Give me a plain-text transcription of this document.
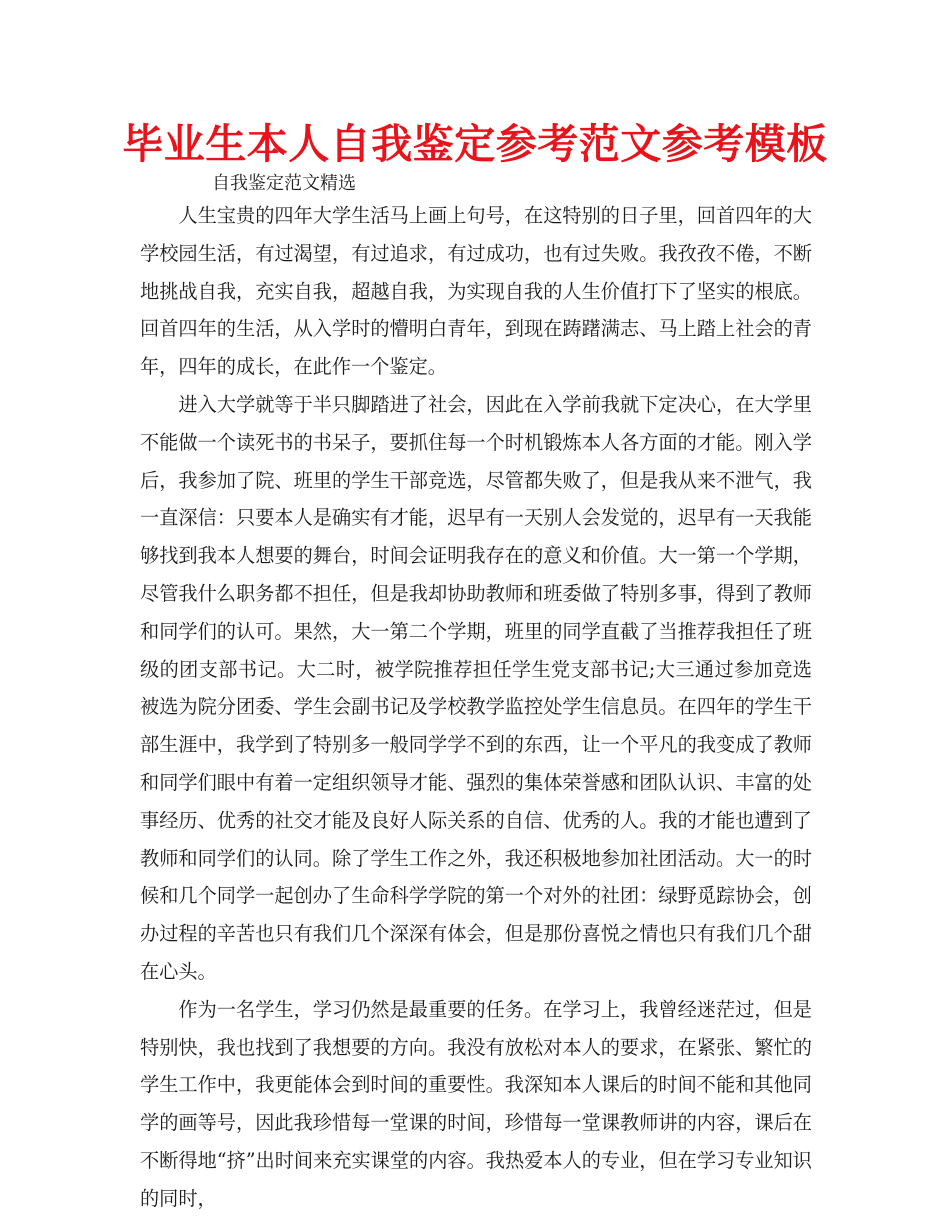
毕业生本人自我鉴定参考范文参考模板
自我鉴定范文精选

人生宝贵的四年大学生活马上画上句号，在这特别的日子里，回首四年的大学校园生活，有过渴望，有过追求，有过成功，也有过失败。我孜孜不倦，不断地挑战自我，充实自我，超越自我，为实现自我的人生价值打下了坚实的根底。回首四年的生活，从入学时的懵明白青年，到现在踌躇满志、马上踏上社会的青年，四年的成长，在此作一个鉴定。

进入大学就等于半只脚踏进了社会，因此在入学前我就下定决心，在大学里不能做一个读死书的书呆子，要抓住每一个时机锻炼本人各方面的才能。刚入学后，我参加了院、班里的学生干部竞选，尽管都失败了，但是我从来不泄气，我一直深信：只要本人是确实有才能，迟早有一天别人会发觉的，迟早有一天我能够找到我本人想要的舞台，时间会证明我存在的意义和价值。大一第一个学期，尽管我什么职务都不担任，但是我却协助教师和班委做了特别多事，得到了教师和同学们的认可。果然，大一第二个学期，班里的同学直截了当推荐我担任了班级的团支部书记。大二时，被学院推荐担任学生党支部书记;大三通过参加竞选被选为院分团委、学生会副书记及学校教学监控处学生信息员。在四年的学生干部生涯中，我学到了特别多一般同学学不到的东西，让一个平凡的我变成了教师和同学们眼中有着一定组织领导才能、强烈的集体荣誉感和团队认识、丰富的处事经历、优秀的社交才能及良好人际关系的自信、优秀的人。我的才能也遭到了教师和同学们的认同。除了学生工作之外，我还积极地参加社团活动。大一的时候和几个同学一起创办了生命科学学院的第一个对外的社团：绿野觅踪协会，创办过程的辛苦也只有我们几个深深有体会，但是那份喜悦之情也只有我们几个甜在心头。

作为一名学生，学习仍然是最重要的任务。在学习上，我曾经迷茫过，但是特别快，我也找到了我想要的方向。我没有放松对本人的要求，在紧张、繁忙的学生工作中，我更能体会到时间的重要性。我深知本人课后的时间不能和其他同学的画等号，因此我珍惜每一堂课的时间，珍惜每一堂课教师讲的内容，课后在不断得地“挤”出时间来充实课堂的内容。我热爱本人的专业，但在学习专业知识的同时，
